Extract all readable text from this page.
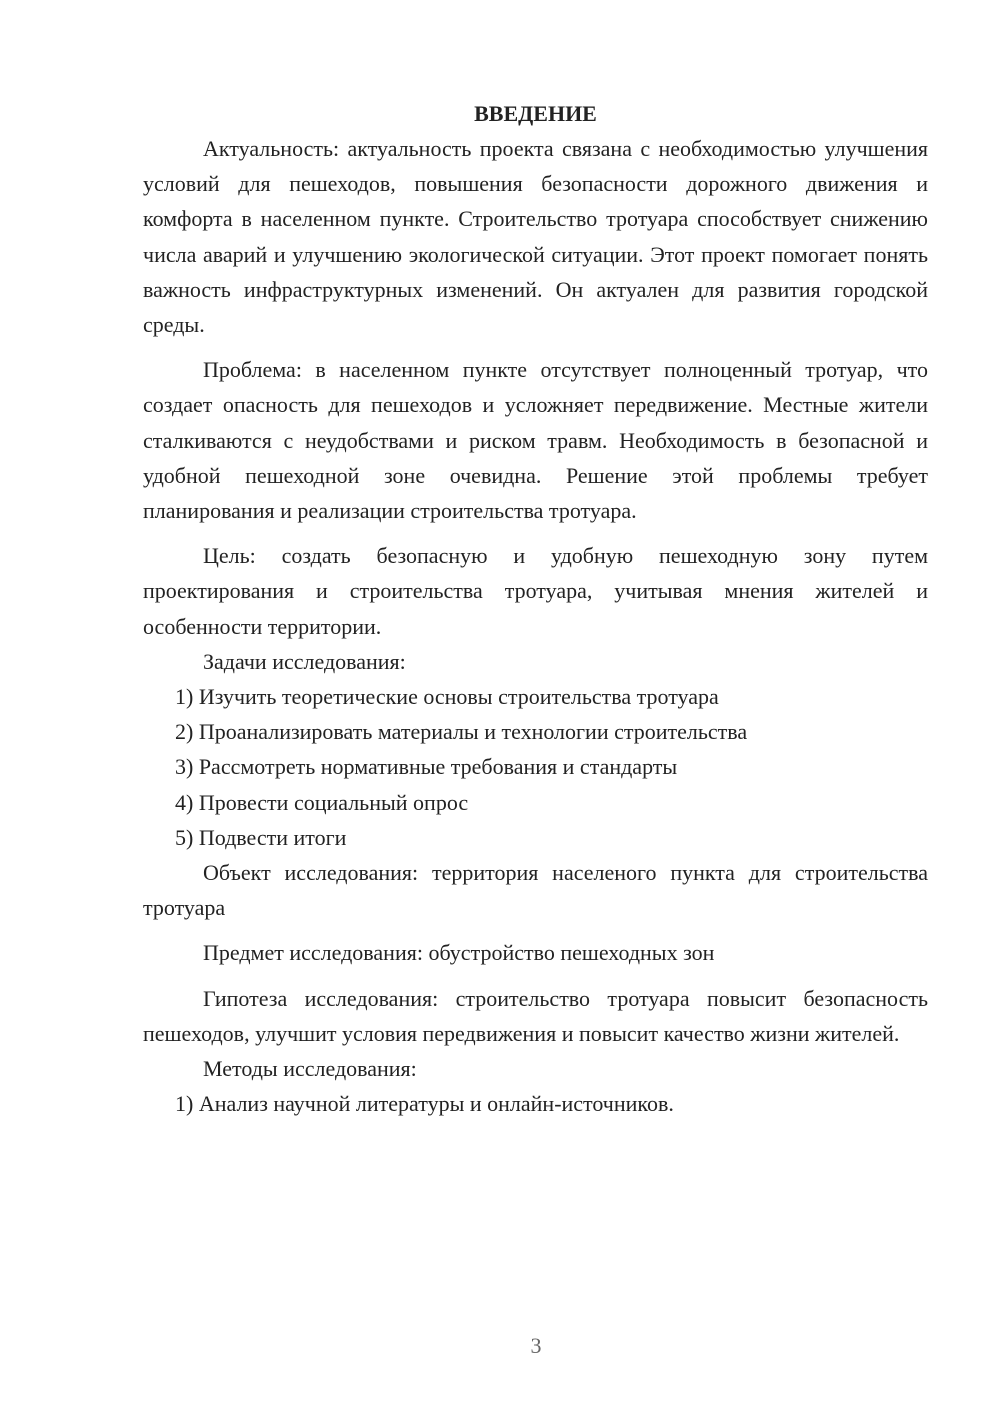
ВВЕДЕНИЕ

Актуальность: актуальность проекта связана с необходимостью улучшения условий для пешеходов, повышения безопасности дорожного движения и комфорта в населенном пункте. Строительство тротуара способствует снижению числа аварий и улучшению экологической ситуации. Этот проект помогает понять важность инфраструктурных изменений. Он актуален для развития городской среды.

Проблема: в населенном пункте отсутствует полноценный тротуар, что создает опасность для пешеходов и усложняет передвижение. Местные жители сталкиваются с неудобствами и риском травм. Необходимость в безопасной и удобной пешеходной зоне очевидна. Решение этой проблемы требует планирования и реализации строительства тротуара.

Цель: создать безопасную и удобную пешеходную зону путем проектирования и строительства тротуара, учитывая мнения жителей и особенности территории.

Задачи исследования:

1) Изучить теоретические основы строительства тротуара

2) Проанализировать материалы и технологии строительства

3) Рассмотреть нормативные требования и стандарты

4) Провести социальный опрос

5) Подвести итоги

Объект исследования: территория населеного пункта для строительства тротуара

Предмет исследования: обустройство пешеходных зон

Гипотеза исследования: строительство тротуара повысит безопасность пешеходов, улучшит условия передвижения и повысит качество жизни жителей.

Методы исследования:

1) Анализ научной литературы и онлайн-источников.

3
